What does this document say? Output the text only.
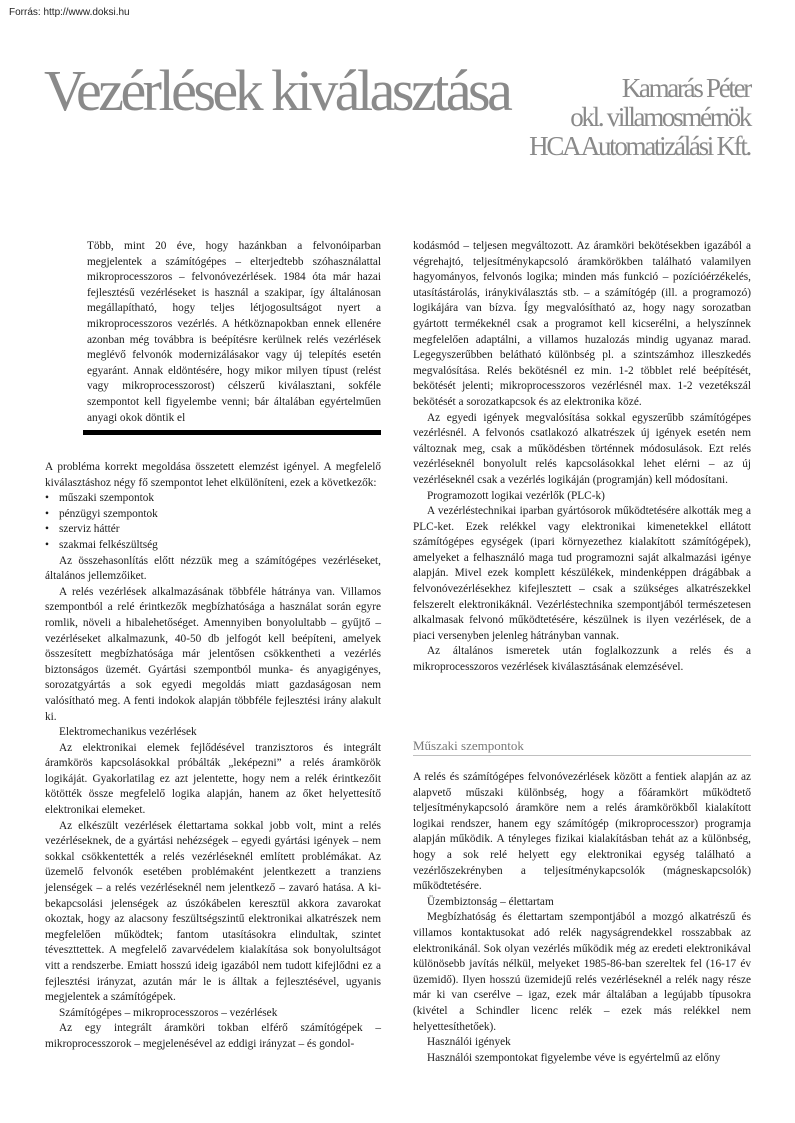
Forrás: http://www.doksi.hu
Vezérlések kiválasztása	Kamarás Péter
okl. villamosmérnök
HCA Automatizálási Kft.

Több, mint 20 éve, hogy hazánkban a felvonóiparban megjelentek a számítógépes – elterjedtebb szóhasználattal mikroprocesszoros – felvonóvezérlések. 1984 óta már hazai fejlesztésű vezérléseket is használ a szakipar, így általánosan megállapítható, hogy teljes létjogosultságot nyert a mikroprocesszoros vezérlés. A hétköznapokban ennek ellenére azonban még továbbra is beépítésre kerülnek relés vezérlések meglévő felvonók modernizálásakor vagy új telepítés esetén egyaránt. Annak eldöntésére, hogy mikor milyen típust (relést vagy mikroprocesszorost) célszerű kiválasztani, sokféle szempontot kell figyelembe venni; bár általában egyértelműen anyagi okok döntik el

A probléma korrekt megoldása összetett elemzést igényel. A megfelelő kiválasztáshoz négy fő szempontot lehet elkülöníteni, ezek a következők:

• műszaki szempontok
• pénzügyi szempontok
• szerviz háttér
• szakmai felkészültség

Az összehasonlítás előtt nézzük meg a számítógépes vezérléseket, általános jellemzőiket.

A relés vezérlések alkalmazásának többféle hátránya van. Villamos szempontból a relé érintkezők megbízhatósága a használat során egyre romlik, növeli a hibalehetőséget. Amennyiben bonyolultabb – gyűjtő – vezérléseket alkalmazunk, 40-50 db jelfogót kell beépíteni, amelyek összesített megbízhatósága már jelentősen csökkentheti a vezérlés biztonságos üzemét. Gyártási szempontból munka- és anyagigényes, sorozatgyártás a sok egyedi megoldás miatt gazdaságosan nem valósítható meg. A fenti indokok alapján többféle fejlesztési irány alakult ki.

Elektromechanikus vezérlések

Az elektronikai elemek fejlődésével tranzisztoros és integrált áramkörös kapcsolásokkal próbálták „leképezni” a relés áramkörök logikáját. Gyakorlatilag ez azt jelentette, hogy nem a relék érintkezőit kötötték össze megfelelő logika alapján, hanem az őket helyettesítő elektronikai elemeket.

Az elkészült vezérlések élettartama sokkal jobb volt, mint a relés vezérléseknek, de a gyártási nehézségek – egyedi gyártási igények – nem sokkal csökkentették a relés vezérléseknél említett problémákat. Az üzemelő felvonók esetében problémaként jelentkezett a tranziens jelenségek – a relés vezérléseknél nem jelentkező – zavaró hatása. A ki-bekapcsolási jelenségek az úszókábelen keresztül akkora zavarokat okoztak, hogy az alacsony feszültségszintű elektronikai alkatrészek nem megfelelően működtek; fantom utasításokra elindultak, szintet téveszttettek. A megfelelő zavarvédelem kialakítása sok bonyolultságot vitt a rendszerbe. Emiatt hosszú ideig igazából nem tudott kifejlődni ez a fejlesztési irányzat, azután már le is álltak a fejlesztésével, ugyanis megjelentek a számítógépek.

Számítógépes – mikroprocesszoros – vezérlések

Az egy integrált áramköri tokban elférő számítógépek – mikroprocesszorok – megjelenésével az eddigi irányzat – és gondol-

kodásmód – teljesen megváltozott. Az áramköri bekötésekben igazából a végrehajtó, teljesítménykapcsoló áramkörökben található valamilyen hagyományos, felvonós logika; minden más funkció – pozícióérzékelés, utasítástárolás, iránykiválasztás stb. – a számítógép (ill. a programozó) logikájára van bízva. Így megvalósítható az, hogy nagy sorozatban gyártott termékeknél csak a programot kell kicserélni, a helyszínnek megfelelően adaptálni, a villamos huzalozás mindig ugyanaz marad. Legegyszerűbben belátható különbség pl. a szintszámhoz illeszkedés megvalósítása. Relés bekötésnél ez min. 1-2 többlet relé beépítését, bekötését jelenti; mikroprocesszoros vezérlésnél max. 1-2 vezetékszál bekötését a sorozatkapcsok és az elektronika közé.

Az egyedi igények megvalósítása sokkal egyszerűbb számítógépes vezérlésnél. A felvonós csatlakozó alkatrészek új igények esetén nem változnak meg, csak a működésben történnek módosulások. Ezt relés vezérléseknél bonyolult relés kapcsolásokkal lehet elérni – az új vezérléseknél csak a vezérlés logikáján (programján) kell módosítani.

Programozott logikai vezérlők (PLC-k)

A vezérléstechnikai iparban gyártósorok működtetésére alkották meg a PLC-ket. Ezek relékkel vagy elektronikai kimenetekkel ellátott számítógépes egységek (ipari környezethez kialakított számítógépek), amelyeket a felhasználó maga tud programozni saját alkalmazási igénye alapján. Mivel ezek komplett készülékek, mindenképpen drágábbak a felvonóvezérlésekhez kifejlesztett – csak a szükséges alkatrészekkel felszerelt elektronikáknál. Vezérléstechnika szempontjából természetesen alkalmasak felvonó működtetésére, készülnek is ilyen vezérlések, de a piaci versenyben jelenleg hátrányban vannak.

Az általános ismeretek után foglalkozzunk a relés és a mikroprocesszoros vezérlések kiválasztásának elemzésével.

Műszaki szempontok

A relés és számítógépes felvonóvezérlések között a fentiek alapján az az alapvető műszaki különbség, hogy a főáramkört működtető teljesítménykapcsoló áramköre nem a relés áramkörökből kialakított logikai rendszer, hanem egy számítógép (mikroprocesszor) programja alapján működik. A tényleges fizikai kialakításban tehát az a különbség, hogy a sok relé helyett egy elektronikai egység található a vezérlőszekrényben a teljesítménykapcsolók (mágneskapcsolók) működtetésére.

Üzembiztonság – élettartam

Megbízhatóság és élettartam szempontjából a mozgó alkatrészű és villamos kontaktusokat adó relék nagyságrendekkel rosszabbak az elektronikánál. Sok olyan vezérlés működik még az eredeti elektronikával különösebb javítás nélkül, melyeket 1985-86-ban szereltek fel (16-17 év üzemidő). Ilyen hosszú üzemidejű relés vezérléseknél a relék nagy része már ki van cserélve – igaz, ezek már általában a legújabb típusokra (kivétel a Schindler licenc relék – ezek más relékkel nem helyettesíthetőek).

Használói igények

Használói szempontokat figyelembe véve is egyértelmű az előny
